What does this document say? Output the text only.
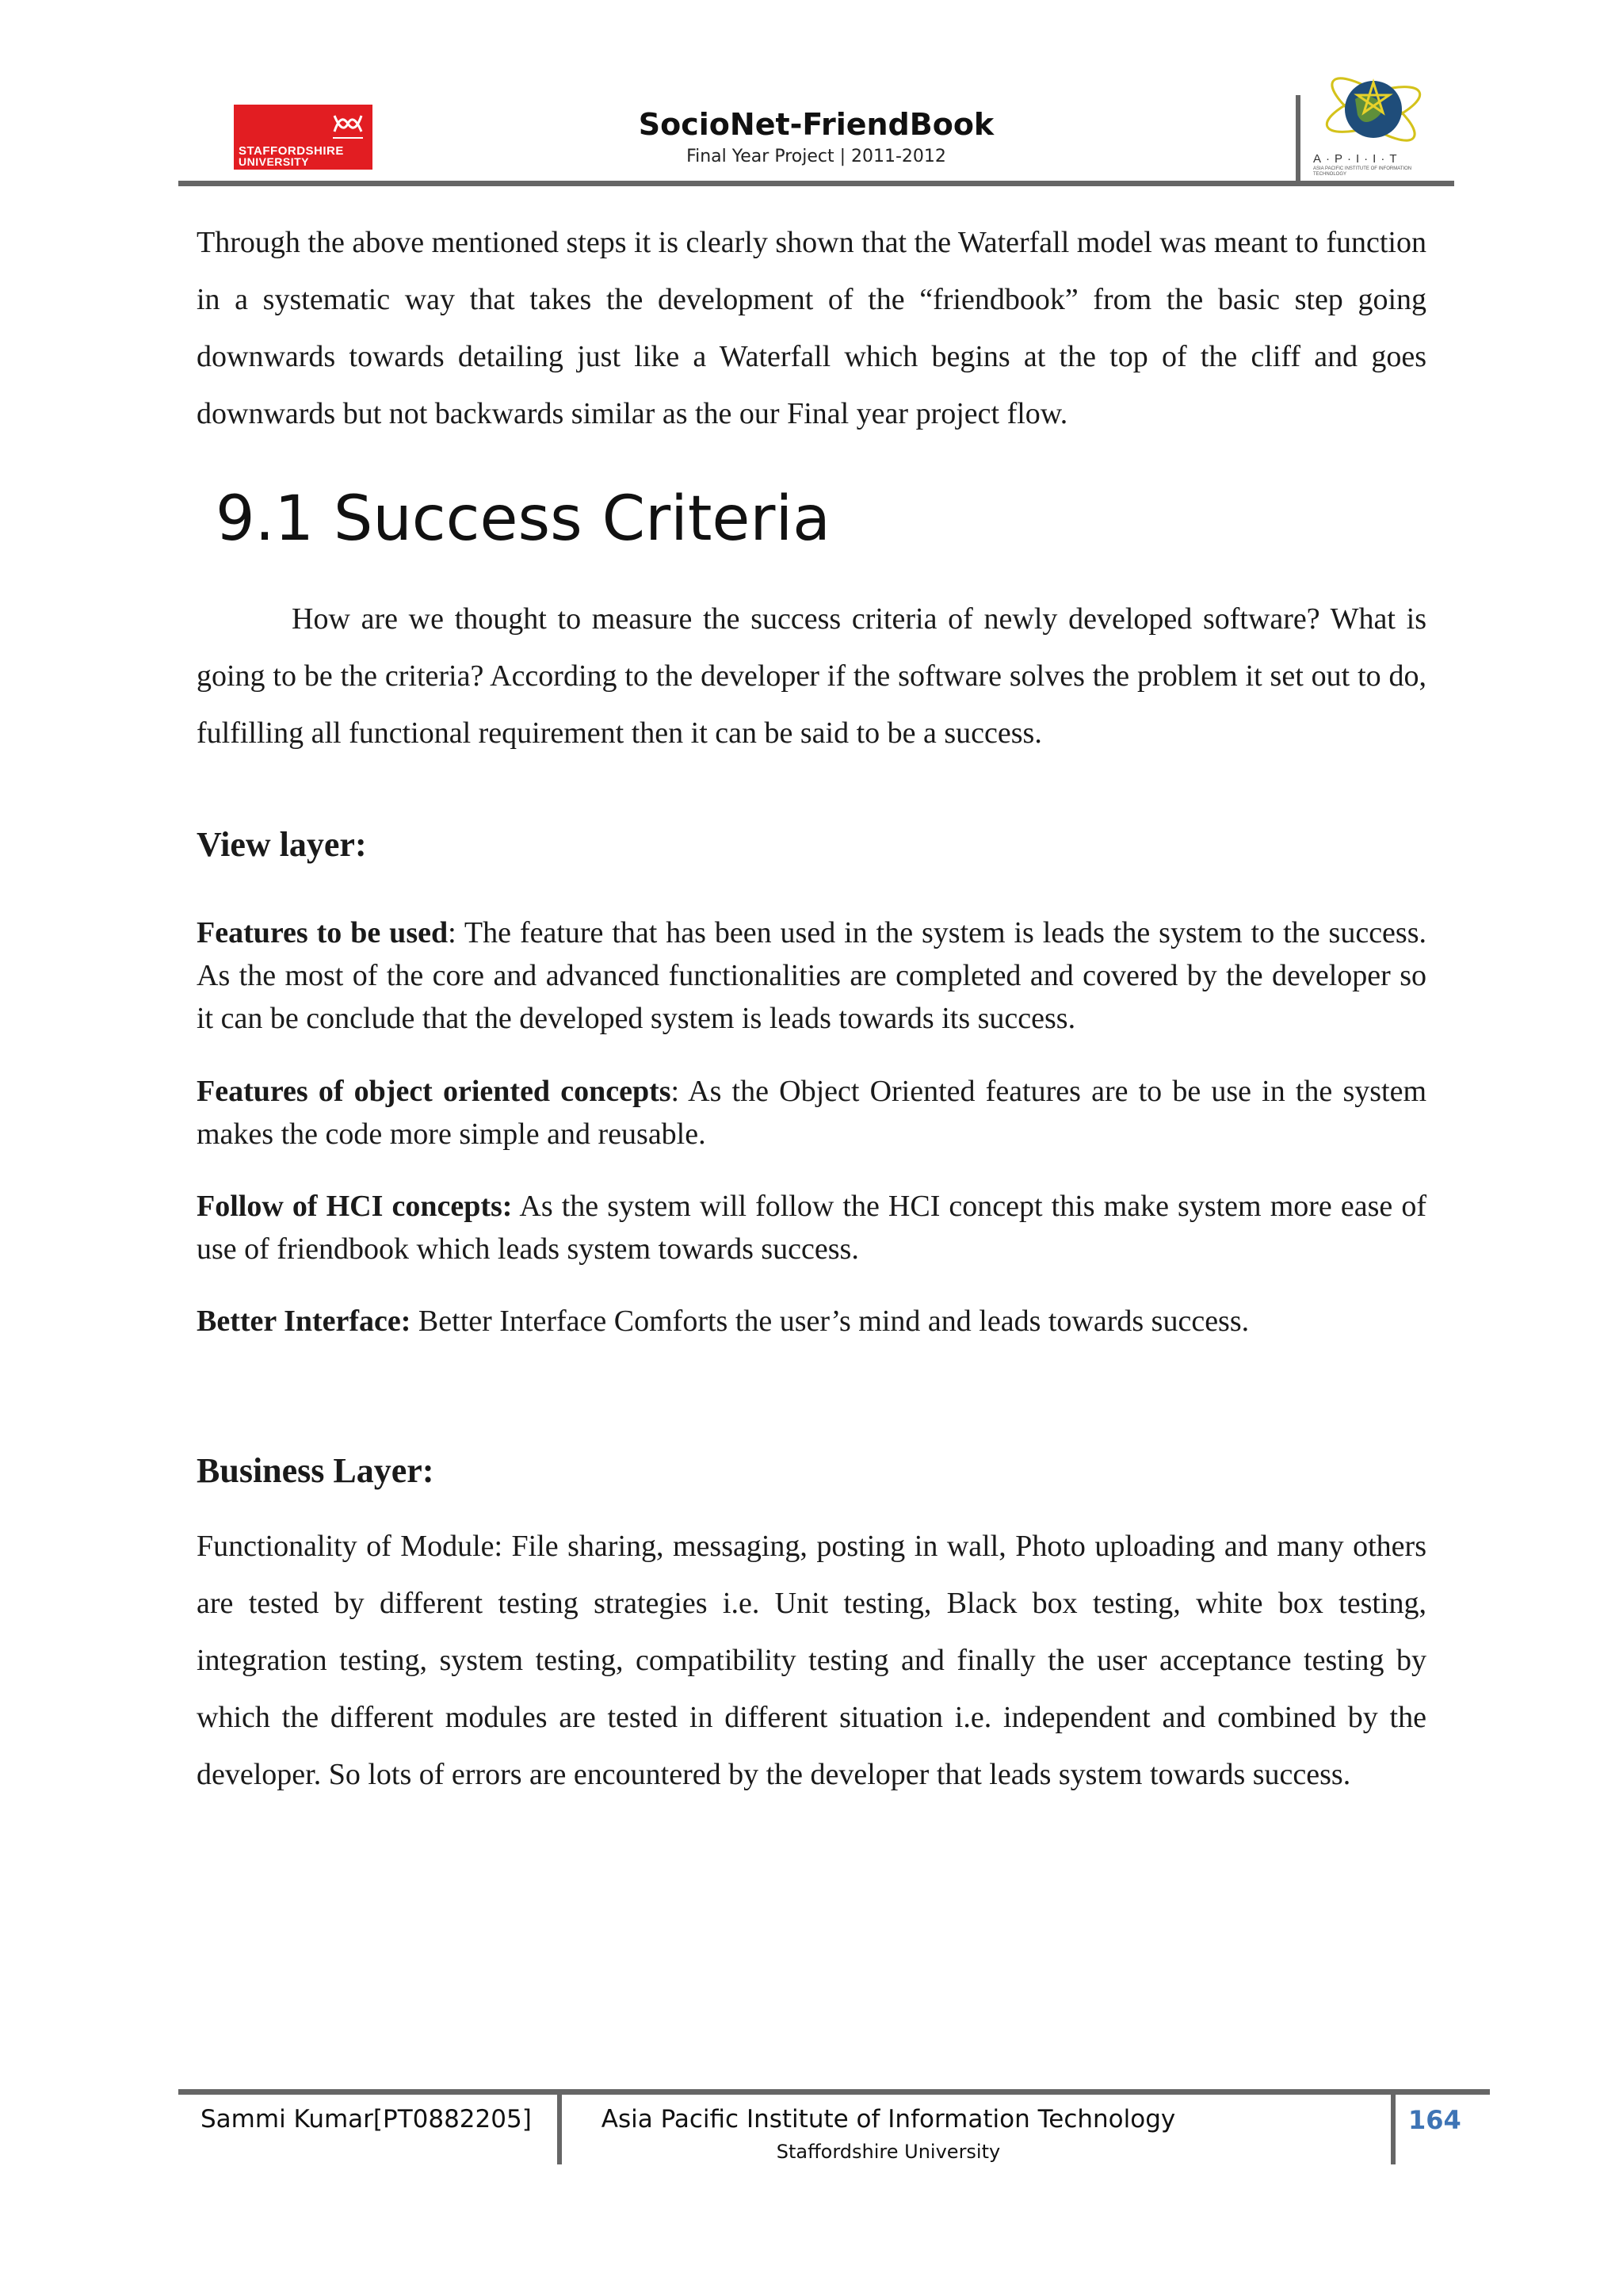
STAFFORDSHIRE
UNIVERSITY
SocioNet-FriendBook
Final Year Project | 2011-2012	A·P·I·I·T
ASIA PACIFIC INSTITUTE OF INFORMATION TECHNOLOGY
Through the above mentioned steps it is clearly shown that the Waterfall model was meant to function in a systematic way that takes the development of the “friendbook” from the basic step going downwards towards detailing just like a Waterfall which begins at the top of the cliff and goes downwards but not backwards similar as the our Final year project flow.
9.1 Success Criteria
How are we thought to measure the success criteria of newly developed software? What is going to be the criteria? According to the developer if the software solves the problem it set out to do, fulfilling all functional requirement then it can be said to be a success.
View layer:
Features to be used: The feature that has been used in the system is leads the system to the success. As the most of the core and advanced functionalities are completed and covered by the developer so it can be conclude that the developed system is leads towards its success.
Features of object oriented concepts: As the Object Oriented features are to be use in the system makes the code more simple and reusable.
Follow of HCI concepts: As the system will follow the HCI concept this make system more ease of use of friendbook which leads system towards success.
Better Interface: Better Interface Comforts the user’s mind and leads towards success.
Business Layer:
Functionality of Module: File sharing, messaging, posting in wall, Photo uploading and many others are tested by different testing strategies i.e. Unit testing, Black box testing, white box testing, integration testing, system testing, compatibility testing and finally the user acceptance testing by which the different modules are tested in different situation i.e. independent and combined by the developer. So lots of errors are encountered by the developer that leads system towards success.
Sammi Kumar[PT0882205]	Asia Pacific Institute of Information Technology
Staffordshire University
164
